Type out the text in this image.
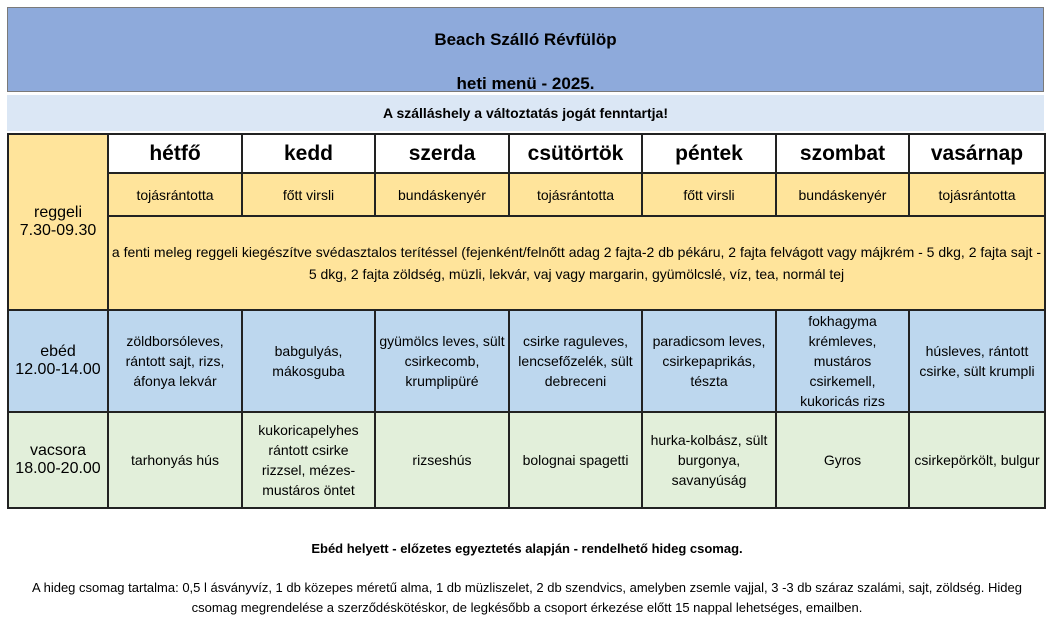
Beach Szálló Révfülöp
heti menü - 2025.
A szálláshely a változtatás jogát fenntartja!
reggeli
7.30-09.30	hétfő	kedd	szerda	csütörtök	péntek	szombat	vasárnap
	tojásrántotta	főtt virsli	bundáskenyér	tojásrántotta	főtt virsli	bundáskenyér	tojásrántotta
	a fenti meleg reggeli kiegészítve svédasztalos terítéssel (fejenként/felnőtt adag 2 fajta-2 db pékáru, 2 fajta felvágott vagy májkrém - 5 dkg, 2 fajta sajt - 5 dkg, 2 fajta zöldség, müzli, lekvár, vaj vagy margarin, gyümölcslé, víz, tea, normál tej						

ebéd
12.00-14.00	zöldborsóleves, rántott sajt, rizs, áfonya lekvár	babgulyás, mákosguba	gyümölcs leves, sült csirkecomb, krumplipüré	csirke raguleves, lencsefőzelék, sült debreceni	paradicsom leves, csirkepaprikás, tészta	fokhagyma krémleves, mustáros csirkemell, kukoricás rizs	húsleves, rántott csirke, sült krumpli

vacsora
18.00-20.00	tarhonyás hús	kukoricapelyhes rántott csirke rizzsel, mézes-mustáros öntet	rizseshús	bolognai spagetti	hurka-kolbász, sült burgonya, savanyúság	Gyros	csirkepörkölt, bulgur
Ebéd helyett - előzetes egyeztetés alapján - rendelhető hideg csomag.
A hideg csomag tartalma: 0,5 l ásványvíz, 1 db közepes méretű alma, 1 db müzliszelet, 2 db szendvics, amelyben zsemle vajjal, 3 -3 db száraz szalámi, sajt, zöldség. Hideg csomag megrendelése a szerződéskötéskor, de legkésőbb a csoport érkezése előtt 15 nappal lehetséges, emailben.
